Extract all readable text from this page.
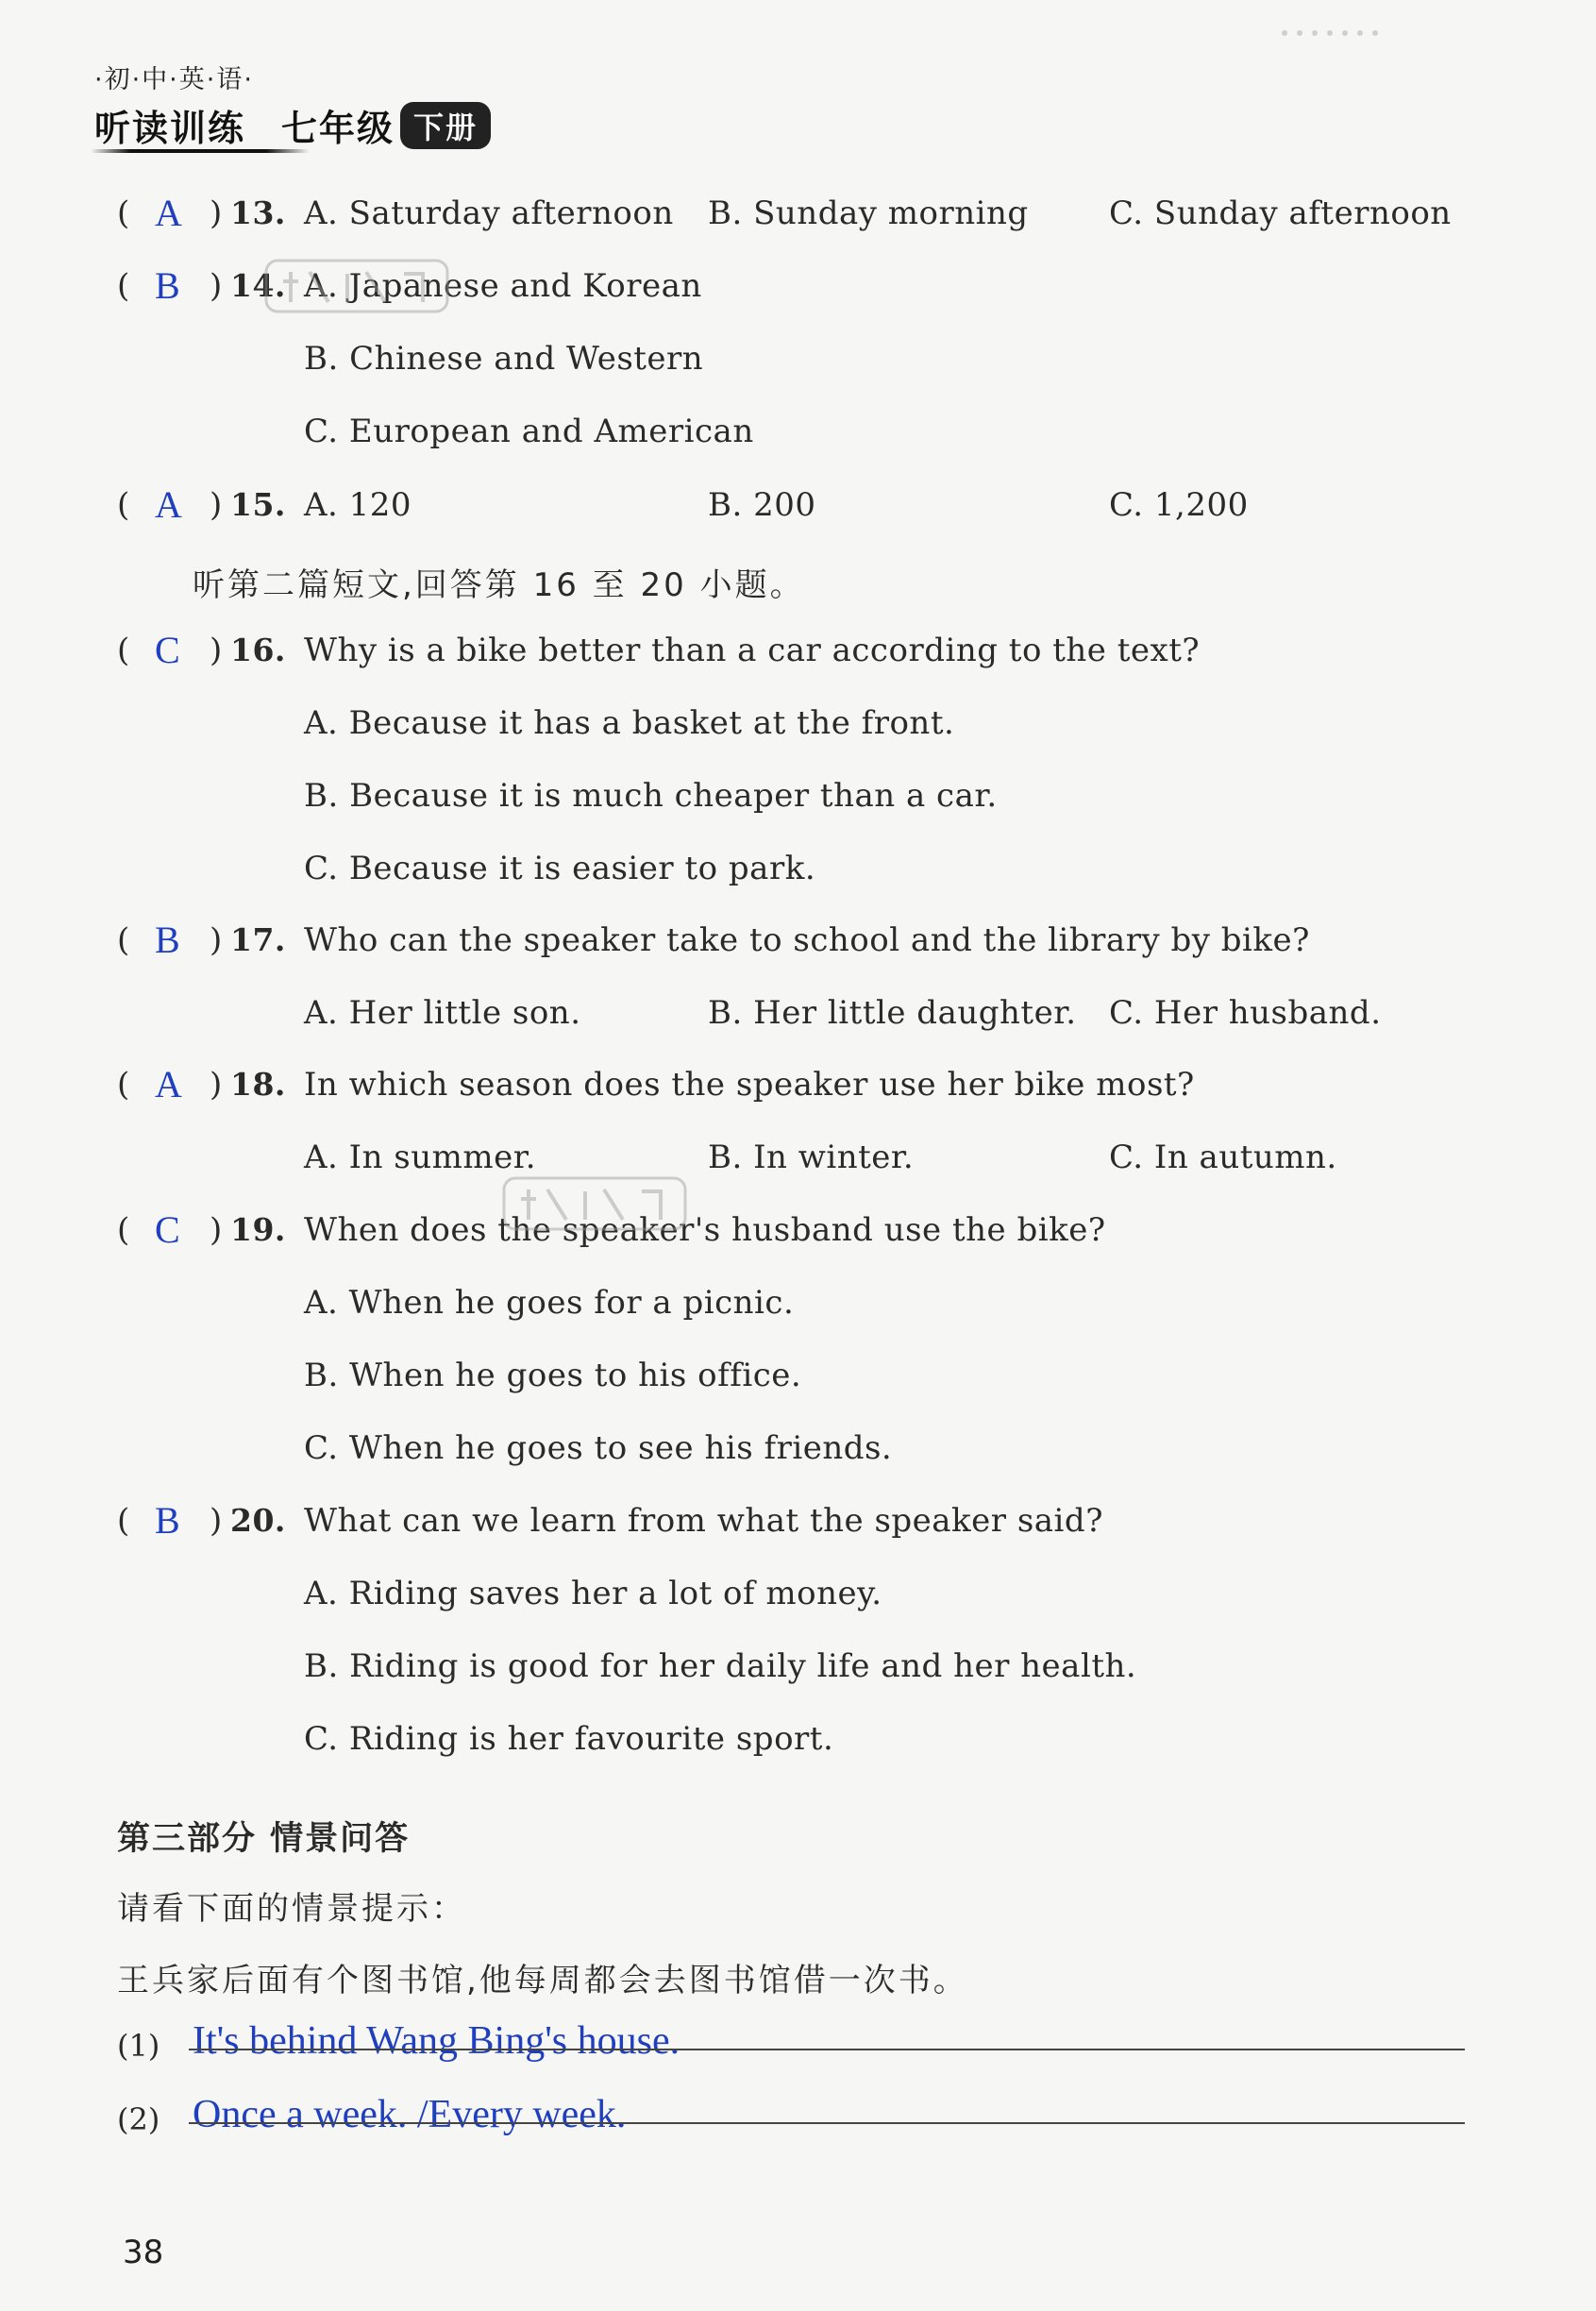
·初·中·英·语·
听读训练 七年级 下册
( A ) 13. A. Saturday afternoon B. Sunday morning	C. Sunday afternoon
( B ) 14. A. Japanese and Korean
B. Chinese and Western
C. European and American
( A ) 15. A. 120	B. 200	C. 1,200
听第二篇短文,回答第 16 至 20 小题。
( C ) 16. Why is a bike better than a car according to the text?
A. Because it has a basket at the front.
B. Because it is much cheaper than a car.
C. Because it is easier to park.
( B ) 17. Who can the speaker take to school and the library by bike?
A. Her little son.	B. Her little daughter. C. Her husband.
( A ) 18. In which season does the speaker use her bike most?
A. In summer.	B. In winter.	C. In autumn.
( C ) 19. When does the speaker's husband use the bike?
A. When he goes for a picnic.
B. When he goes to his office.
C. When he goes to see his friends.
( B ) 20. What can we learn from what the speaker said?
A. Riding saves her a lot of money.
B. Riding is good for her daily life and her health.
C. Riding is her favourite sport.
第三部分 情景问答
请看下面的情景提示：
王兵家后面有个图书馆,他每周都会去图书馆借一次书。
(1) It's behind Wang Bing's house.
(2) Once a week. /Every week.
38
